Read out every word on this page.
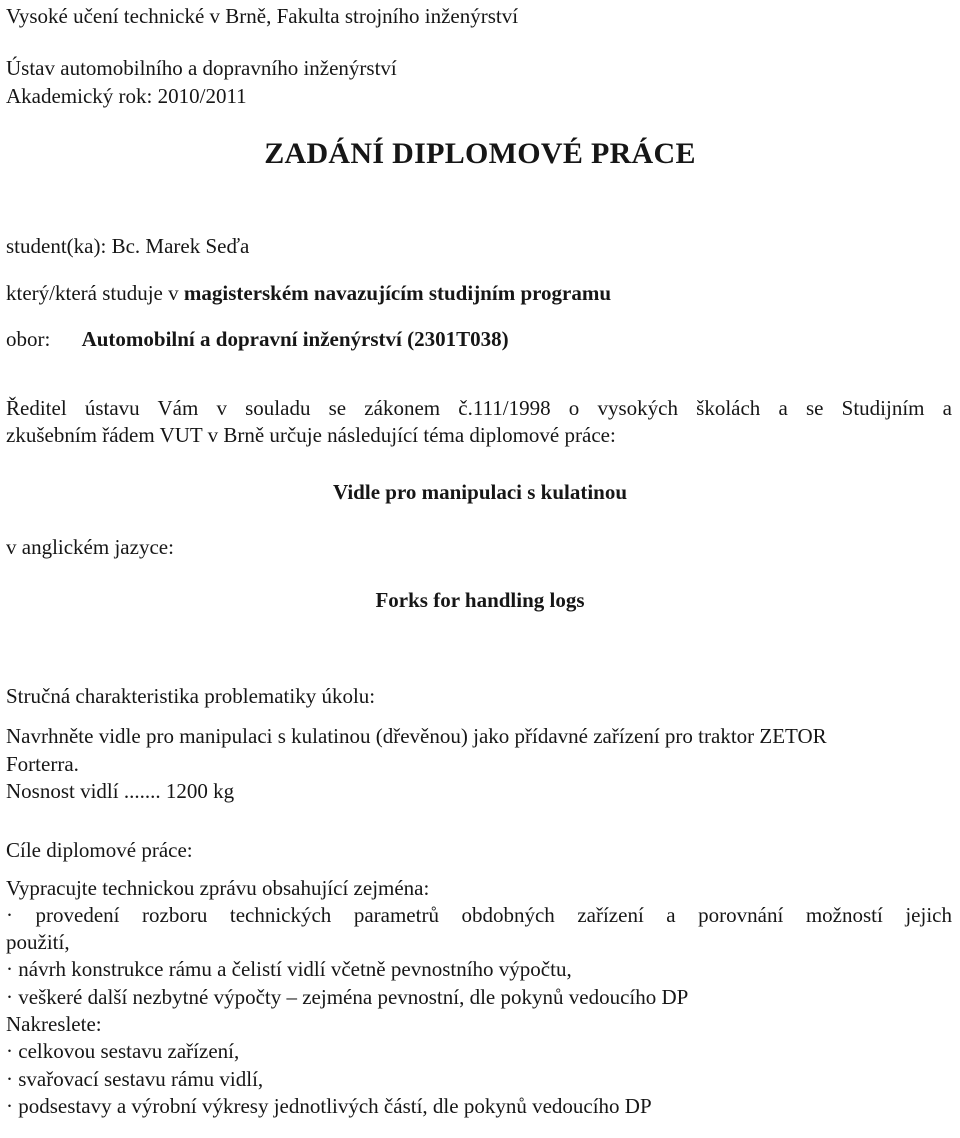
Vysoké učení technické v Brně, Fakulta strojního inženýrství
Ústav automobilního a dopravního inženýrství
Akademický rok: 2010/2011
ZADÁNÍ DIPLOMOVÉ PRÁCE
student(ka): Bc. Marek Seďa
který/která studuje v magisterském navazujícím studijním programu
obor: Automobilní a dopravní inženýrství (2301T038)
Ředitel ústavu Vám v souladu se zákonem č.111/1998 o vysokých školách a se Studijním a
zkušebním řádem VUT v Brně určuje následující téma diplomové práce:
Vidle pro manipulaci s kulatinou
v anglickém jazyce:
Forks for handling logs
Stručná charakteristika problematiky úkolu:
Navrhněte vidle pro manipulaci s kulatinou (dřevěnou) jako přídavné zařízení pro traktor ZETOR
Forterra.
Nosnost vidlí ....... 1200 kg
Cíle diplomové práce:
Vypracujte technickou zprávu obsahující zejména:
· provedení rozboru technických parametrů obdobných zařízení a porovnání možností jejich
použití,
· návrh konstrukce rámu a čelistí vidlí včetně pevnostního výpočtu,
· veškeré další nezbytné výpočty – zejména pevnostní, dle pokynů vedoucího DP
Nakreslete:
· celkovou sestavu zařízení,
· svařovací sestavu rámu vidlí,
· podsestavy a výrobní výkresy jednotlivých částí, dle pokynů vedoucího DP
